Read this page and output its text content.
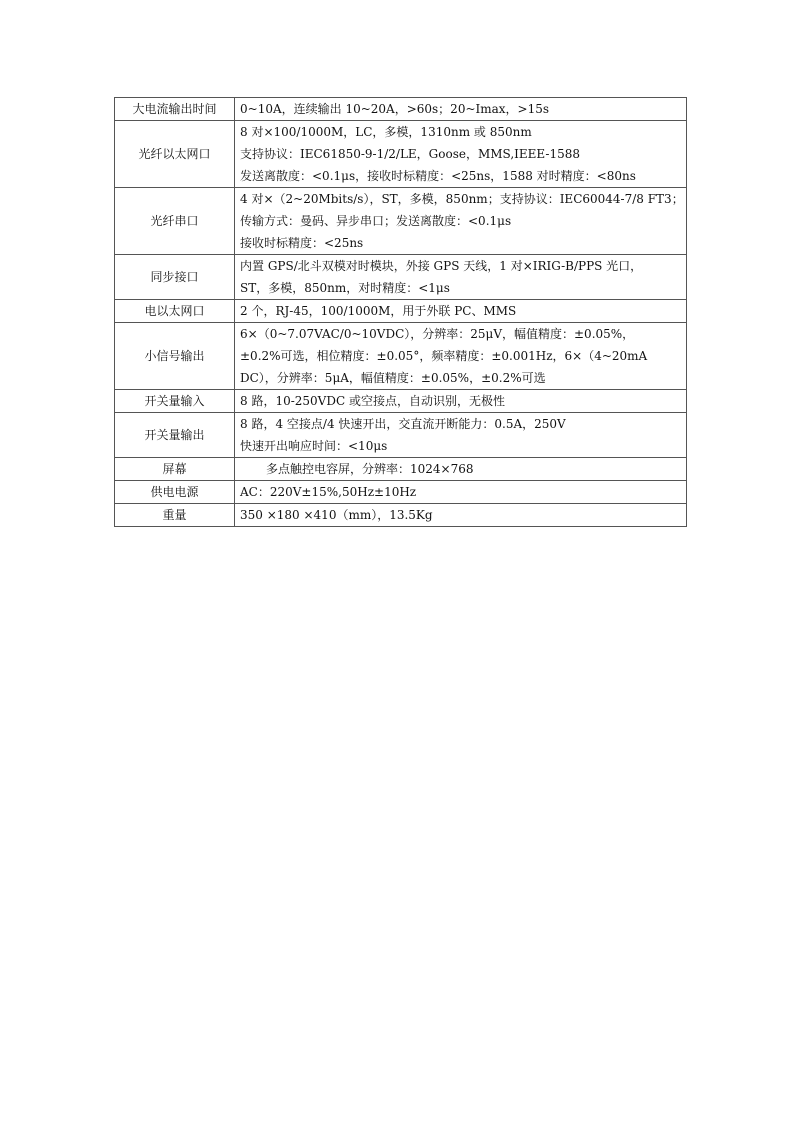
大电流输出时间	0~10A，连续输出 10~20A，>60s；20~Imax，>15s

光纤以太网口	8 对×100/1000M，LC，多模，1310nm 或 850nm
支持协议：IEC61850-9-1/2/LE，Goose，MMS,IEEE-1588
发送离散度：<0.1μs，接收时标精度：<25ns，1588 对时精度：<80ns

光纤串口	4 对×（2~20Mbits/s），ST，多模，850nm；支持协议：IEC60044-7/8 FT3；
传输方式：曼码、异步串口；发送离散度：<0.1μs
接收时标精度：<25ns

同步接口	内置 GPS/北斗双模对时模块，外接 GPS 天线，1 对×IRIG-B/PPS 光口，
ST，多模，850nm，对时精度：<1μs

电以太网口	2 个，RJ-45，100/1000M，用于外联 PC、MMS

小信号输出	6×（0~7.07VAC/0~10VDC），分辨率：25μV，幅值精度：±0.05%，
±0.2%可选，相位精度：±0.05°，频率精度：±0.001Hz，6×（4~20mA
DC），分辨率：5μA，幅值精度：±0.05%，±0.2%可选

开关量输入	8 路，10-250VDC 或空接点，自动识别，无极性

开关量输出	8 路，4 空接点/4 快速开出，交直流开断能力：0.5A，250V
快速开出响应时间：<10μs

屏幕	多点触控电容屏，分辨率：1024×768

供电电源	AC：220V±15%,50Hz±10Hz

重量	350 ×180 ×410（mm），13.5Kg
